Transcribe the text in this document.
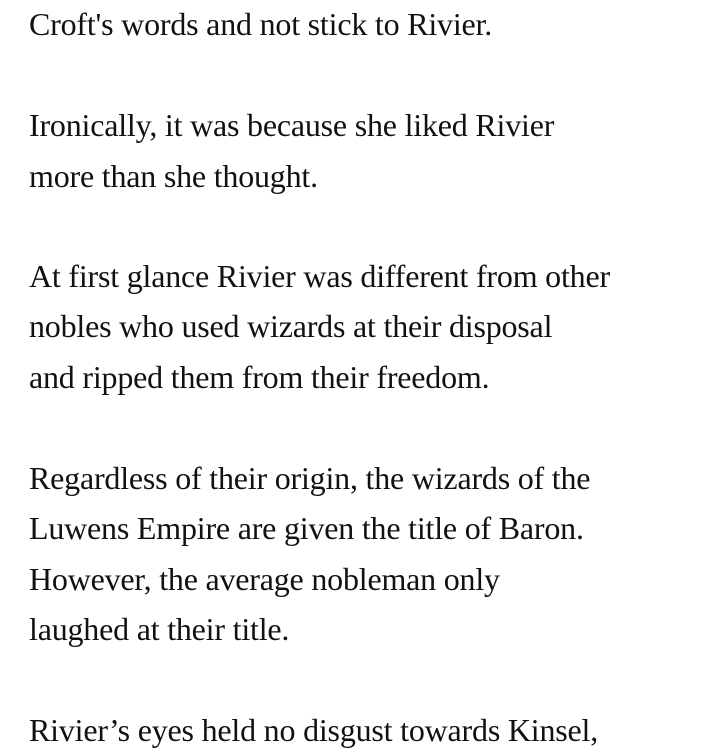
Croft's words and not stick to Rivier.
Ironically, it was because she liked Rivier
more than she thought.
At first glance Rivier was different from other
nobles who used wizards at their disposal
and ripped them from their freedom.
Regardless of their origin, the wizards of the
Luwens Empire are given the title of Baron.
However, the average nobleman only
laughed at their title.
Rivier’s eyes held no disgust towards Kinsel,
